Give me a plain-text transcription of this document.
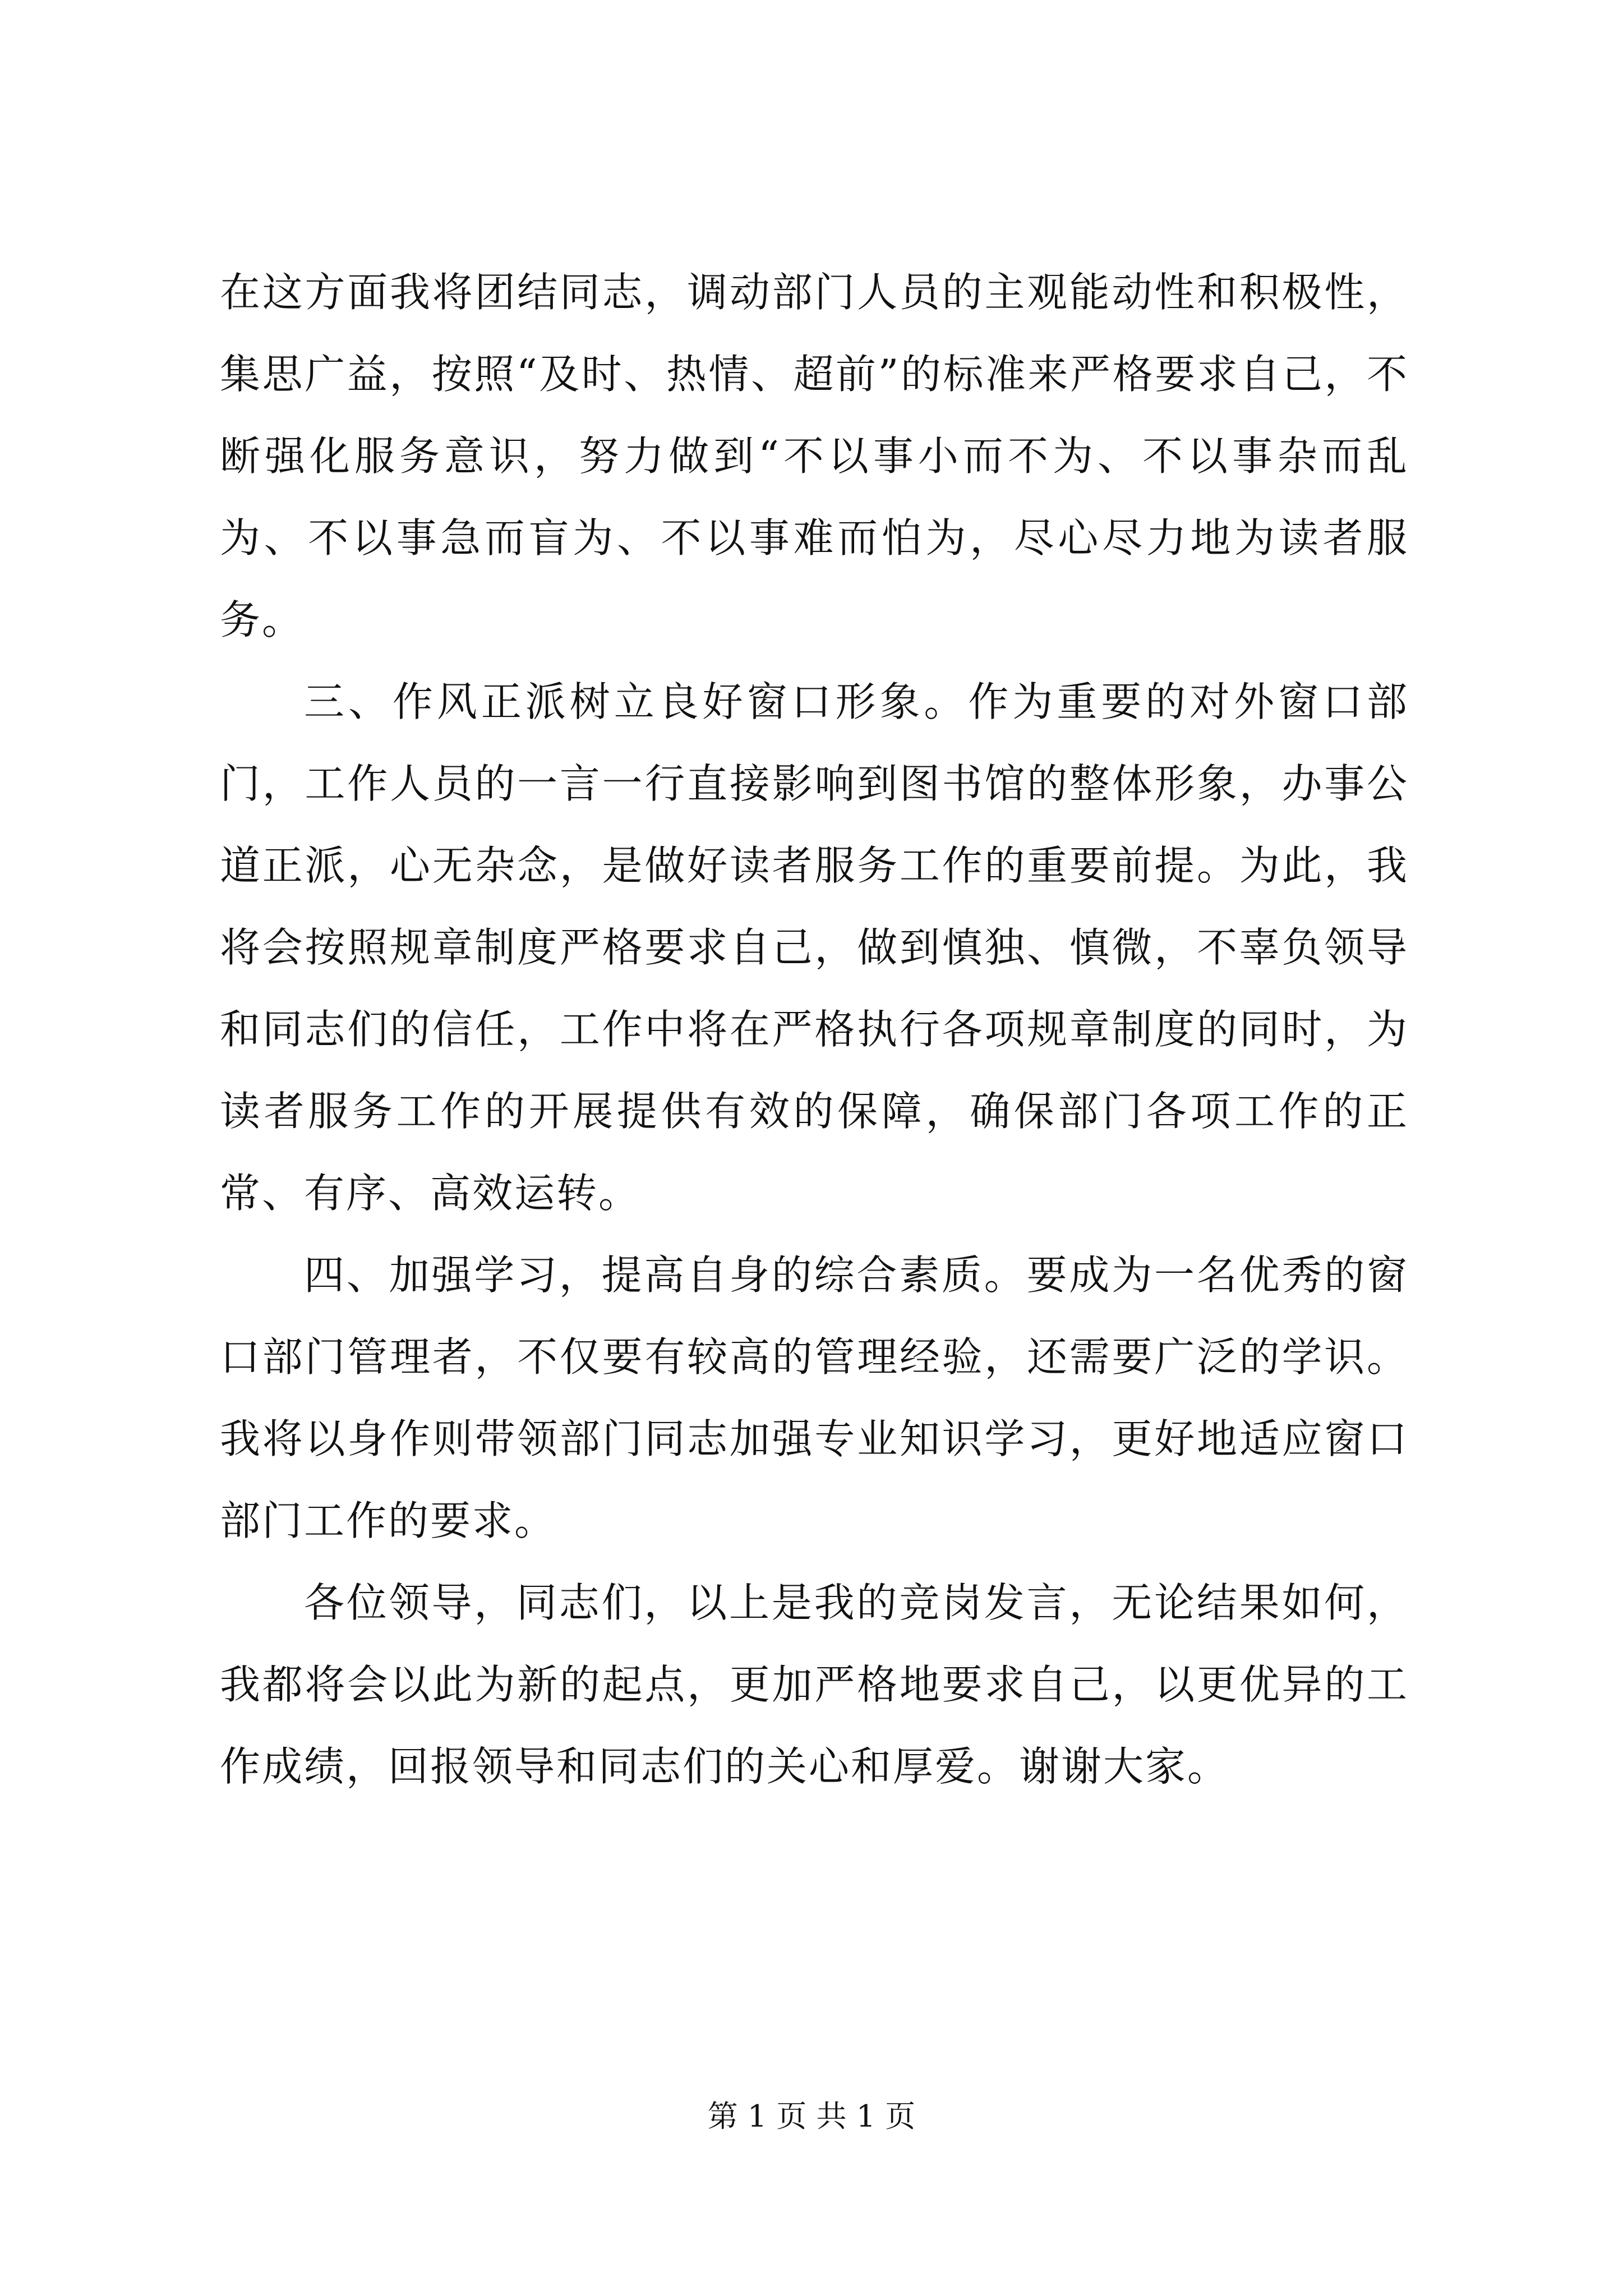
在这方面我将团结同志，调动部门人员的主观能动性和积极性，集思广益，按照“及时、热情、超前”的标准来严格要求自己，不断强化服务意识，努力做到“不以事小而不为、不以事杂而乱为、不以事急而盲为、不以事难而怕为，尽心尽力地为读者服务。

三、作风正派树立良好窗口形象。作为重要的对外窗口部门，工作人员的一言一行直接影响到图书馆的整体形象，办事公道正派，心无杂念，是做好读者服务工作的重要前提。为此，我将会按照规章制度严格要求自己，做到慎独、慎微，不辜负领导和同志们的信任，工作中将在严格执行各项规章制度的同时，为读者服务工作的开展提供有效的保障，确保部门各项工作的正常、有序、高效运转。

四、加强学习，提高自身的综合素质。要成为一名优秀的窗口部门管理者，不仅要有较高的管理经验，还需要广泛的学识。我将以身作则带领部门同志加强专业知识学习，更好地适应窗口部门工作的要求。

各位领导，同志们，以上是我的竞岗发言，无论结果如何，我都将会以此为新的起点，更加严格地要求自己，以更优异的工作成绩，回报领导和同志们的关心和厚爱。谢谢大家。

第 1 页 共 1 页
